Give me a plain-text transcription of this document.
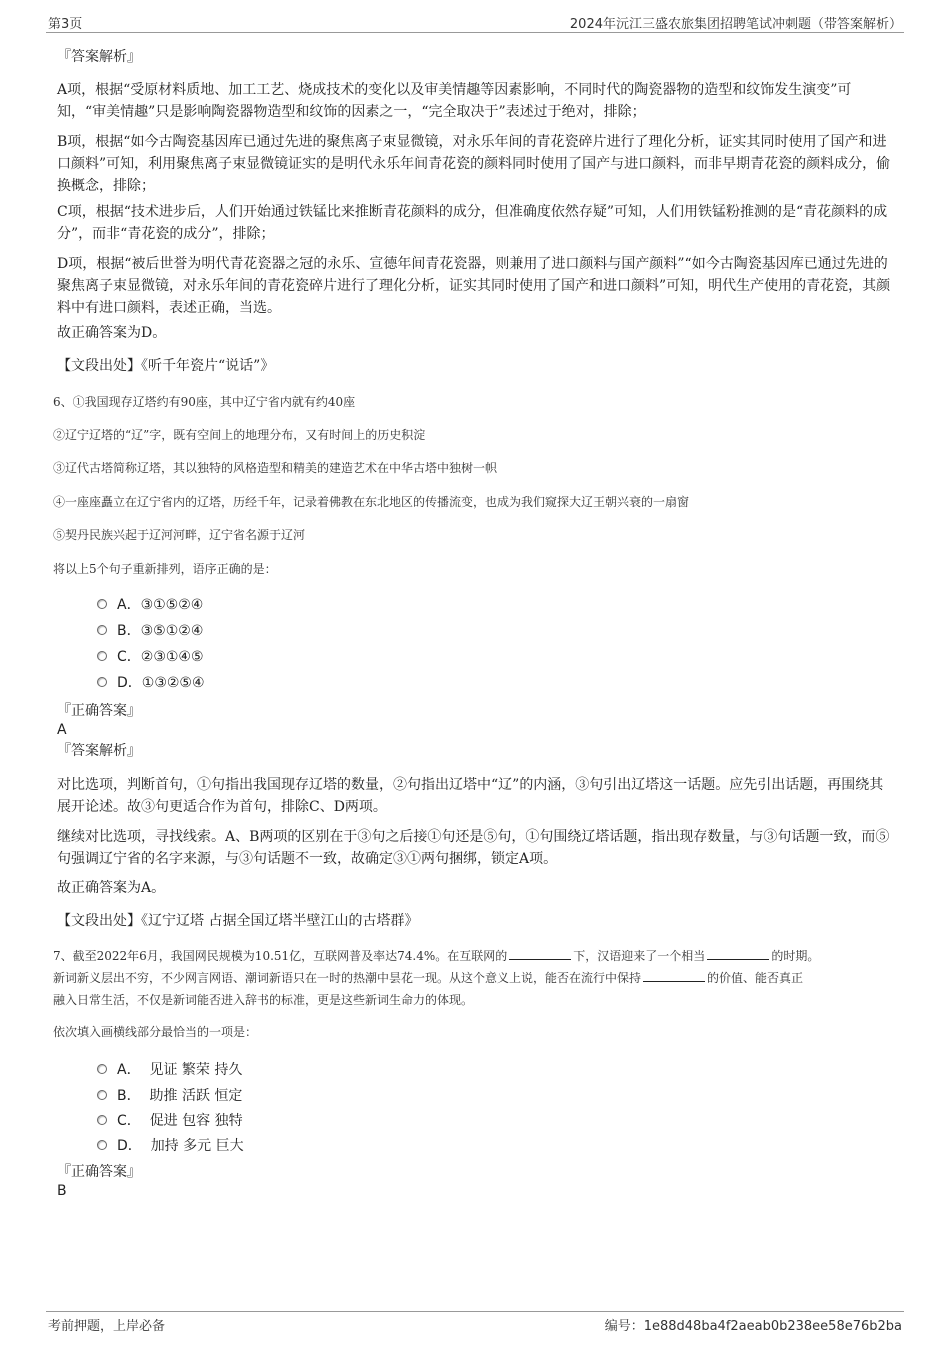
第3页	2024年沅江三盛农旅集团招聘笔试冲刺题（带答案解析）
『答案解析』
A项，根据“受原材料质地、加工工艺、烧成技术的变化以及审美情趣等因素影响，不同时代的陶瓷器物的造型和纹饰发生演变”可知，“审美情趣”只是影响陶瓷器物造型和纹饰的因素之一，“完全取决于”表述过于绝对，排除；
B项，根据“如今古陶瓷基因库已通过先进的聚焦离子束显微镜，对永乐年间的青花瓷碎片进行了理化分析，证实其同时使用了国产和进口颜料”可知，利用聚焦离子束显微镜证实的是明代永乐年间青花瓷的颜料同时使用了国产与进口颜料，而非早期青花瓷的颜料成分，偷换概念，排除；
C项，根据“技术进步后，人们开始通过铁锰比来推断青花颜料的成分，但准确度依然存疑”可知，人们用铁锰粉推测的是“青花颜料的成分”，而非“青花瓷的成分”，排除；
D项，根据“被后世誉为明代青花瓷器之冠的永乐、宣德年间青花瓷器，则兼用了进口颜料与国产颜料”“如今古陶瓷基因库已通过先进的聚焦离子束显微镜，对永乐年间的青花瓷碎片进行了理化分析，证实其同时使用了国产和进口颜料”可知，明代生产使用的青花瓷，其颜料中有进口颜料，表述正确，当选。
故正确答案为D。
【文段出处】《听千年瓷片“说话”》
6、①我国现存辽塔约有90座，其中辽宁省内就有约40座
②辽宁辽塔的“辽”字，既有空间上的地理分布，又有时间上的历史积淀
③辽代古塔简称辽塔，其以独特的风格造型和精美的建造艺术在中华古塔中独树一帜
④一座座矗立在辽宁省内的辽塔，历经千年，记录着佛教在东北地区的传播流变，也成为我们窥探大辽王朝兴衰的一扇窗
⑤契丹民族兴起于辽河河畔，辽宁省名源于辽河
将以上5个句子重新排列，语序正确的是：
A．③①⑤②④
B．③⑤①②④
C．②③①④⑤
D．①③②⑤④
『正确答案』
A
『答案解析』
对比选项，判断首句，①句指出我国现存辽塔的数量，②句指出辽塔中“辽”的内涵，③句引出辽塔这一话题。应先引出话题，再围绕其展开论述。故③句更适合作为首句，排除C、D两项。
继续对比选项，寻找线索。A、B两项的区别在于③句之后接①句还是⑤句，①句围绕辽塔话题，指出现存数量，与③句话题一致，而⑤句强调辽宁省的名字来源，与③句话题不一致，故确定③①两句捆绑，锁定A项。
故正确答案为A。
【文段出处】《辽宁辽塔 占据全国辽塔半壁江山的古塔群》
7、截至2022年6月，我国网民规模为10.51亿，互联网普及率达74.4%。在互联网的	下，汉语迎来了一个相当	的时期。
新词新义层出不穷，不少网言网语、潮词新语只在一时的热潮中昙花一现。从这个意义上说，能否在流行中保持	的价值、能否真正
融入日常生活，不仅是新词能否进入辞书的标准，更是这些新词生命力的体现。
依次填入画横线部分最恰当的一项是：
A． 见证 繁荣 持久
B． 助推 活跃 恒定
C． 促进 包容 独特
D． 加持 多元 巨大
『正确答案』
B
考前押题，上岸必备	编号：1e88d48ba4f2aeab0b238ee58e76b2ba
